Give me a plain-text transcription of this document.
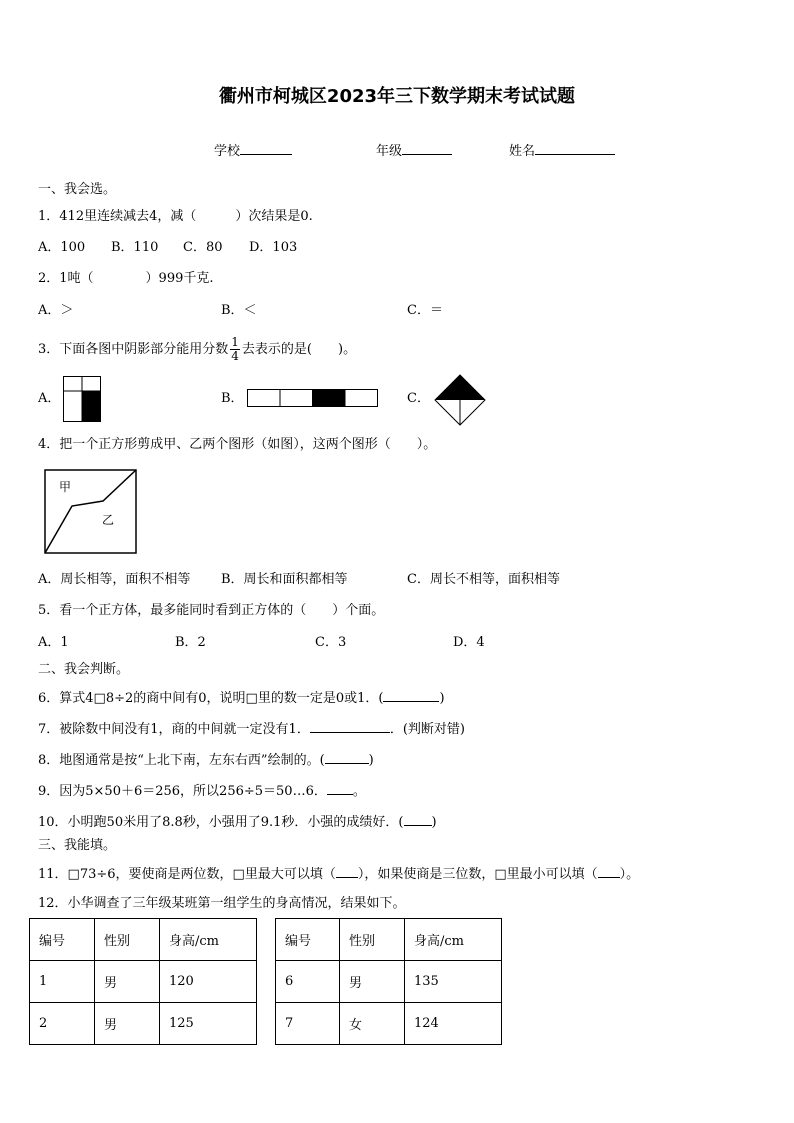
衢州市柯城区2023年三下数学期末考试试题
学校	年级	姓名
一、我会选。
1．412里连续减去4，减（　　　）次结果是0.
A．100 B．110 C．80 D．103
2．1吨（　　　　）999千克.
A．＞	B．＜	C．＝
3．下面各图中阴影部分能用分数 $\frac{1}{4}$ 去表示的是(　　)。
A．	B．	C．
4．把一个正方形剪成甲、乙两个图形（如图），这两个图形（　　）。
甲
乙
A．周长相等，面积不相等 B．周长和面积都相等	C．周长不相等，面积相等
5．看一个正方体，最多能同时看到正方体的（　　）个面。
A．1	B．2	C．3	D．4
二、我会判断。
6．算式4□8÷2的商中间有0，说明□里的数一定是0或1．(	)
7．被除数中间没有1，商的中间就一定没有1．	．(判断对错)
8．地图通常是按“上北下南，左东右西”绘制的。(	)
9．因为5×50＋6＝256，所以256÷5＝50…6． 。
10．小明跑50米用了8.8秒，小强用了9.1秒．小强的成绩好．( )
三、我能填。
11．□73÷6，要使商是两位数，□里最大可以填（ ），如果使商是三位数，□里最小可以填（ ）。
12．小华调查了三年级某班第一组学生的身高情况，结果如下。
编号	性别	身高/cm		编号	性别	身高/cm
1	男	120		6	男	135
2	男	125		7	女	124
